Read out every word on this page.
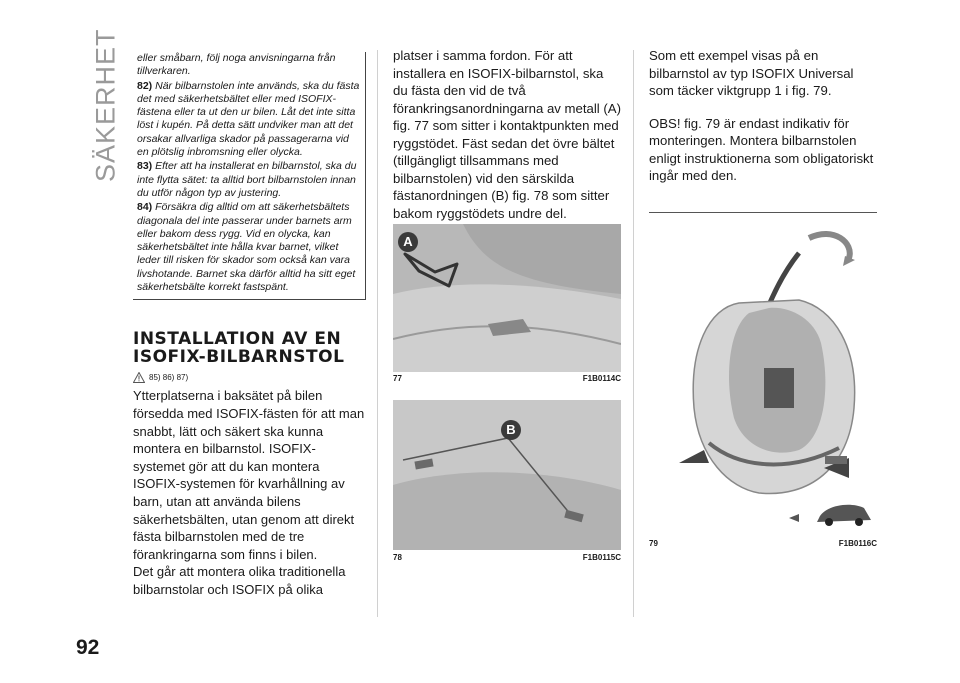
SÄKERHET	eller småbarn, följ noga anvisningarna från tillverkaren.

82) När bilbarnstolen inte används, ska du fästa det med säkerhetsbältet eller med ISOFIX-fästena eller ta ut den ur bilen. Låt det inte sitta löst i kupén. På detta sätt undviker man att det orsakar allvarliga skador på passagerarna vid en plötslig inbromsning eller olycka.

83) Efter att ha installerat en bilbarnstol, ska du inte flytta sätet: ta alltid bort bilbarnstolen innan du utför någon typ av justering.

84) Försäkra dig alltid om att säkerhetsbältets diagonala del inte passerar under barnets arm eller bakom dess rygg. Vid en olycka, kan säkerhetsbältet inte hålla kvar barnet, vilket leder till risken för skador som också kan vara livshotande. Barnet ska därför alltid ha sitt eget säkerhetsbälte korrekt fastspänt.

INSTALLATION AV EN ISOFIX-BILBARNSTOL
85) 86) 87)

Ytterplatserna i baksätet på bilen försedda med ISOFIX-fästen för att man snabbt, lätt och säkert ska kunna montera en bilbarnstol. ISOFIX-systemet gör att du kan montera ISOFIX-systemen för kvarhållning av barn, utan att använda bilens säkerhetsbälten, utan genom att direkt fästa bilbarnstolen med de tre förankringarna som finns i bilen.

Det går att montera olika traditionella bilbarnstolar och ISOFIX på olika

platser i samma fordon. För att installera en ISOFIX-bilbarnstol, ska du fästa den vid de två förankringsanordningarna av metall (A) fig. 77 som sitter i kontaktpunkten med ryggstödet. Fäst sedan det övre bältet (tillgängligt tillsammans med bilbarnstolen) vid den särskilda fästanordningen (B) fig. 78 som sitter bakom ryggstödets undre del.

Som ett exempel visas på en bilbarnstol av typ ISOFIX Universal som täcker viktgrupp 1 i fig. 79.

OBS! fig. 79 är endast indikativ för monteringen. Montera bilbarnstolen enligt instruktionerna som obligatoriskt ingår med den.

A
77	F1B0114C
B
78	F1B0115C
79	F1B0116C
92
